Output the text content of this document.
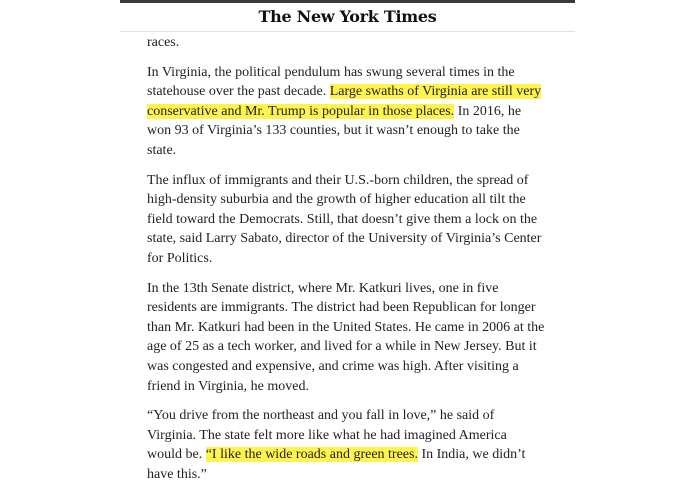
The New York Times

races.

In Virginia, the political pendulum has swung several times in the statehouse over the past decade. Large swaths of Virginia are still very conservative and Mr. Trump is popular in those places. In 2016, he won 93 of Virginia’s 133 counties, but it wasn’t enough to take the state.

The influx of immigrants and their U.S.-born children, the spread of high-density suburbia and the growth of higher education all tilt the field toward the Democrats. Still, that doesn’t give them a lock on the state, said Larry Sabato, director of the University of Virginia’s Center for Politics.

In the 13th Senate district, where Mr. Katkuri lives, one in five residents are immigrants. The district had been Republican for longer than Mr. Katkuri had been in the United States. He came in 2006 at the age of 25 as a tech worker, and lived for a while in New Jersey. But it was congested and expensive, and crime was high. After visiting a friend in Virginia, he moved.

“You drive from the northeast and you fall in love,” he said of Virginia. The state felt more like what he had imagined America would be. “I like the wide roads and green trees. In India, we didn’t have this.”
